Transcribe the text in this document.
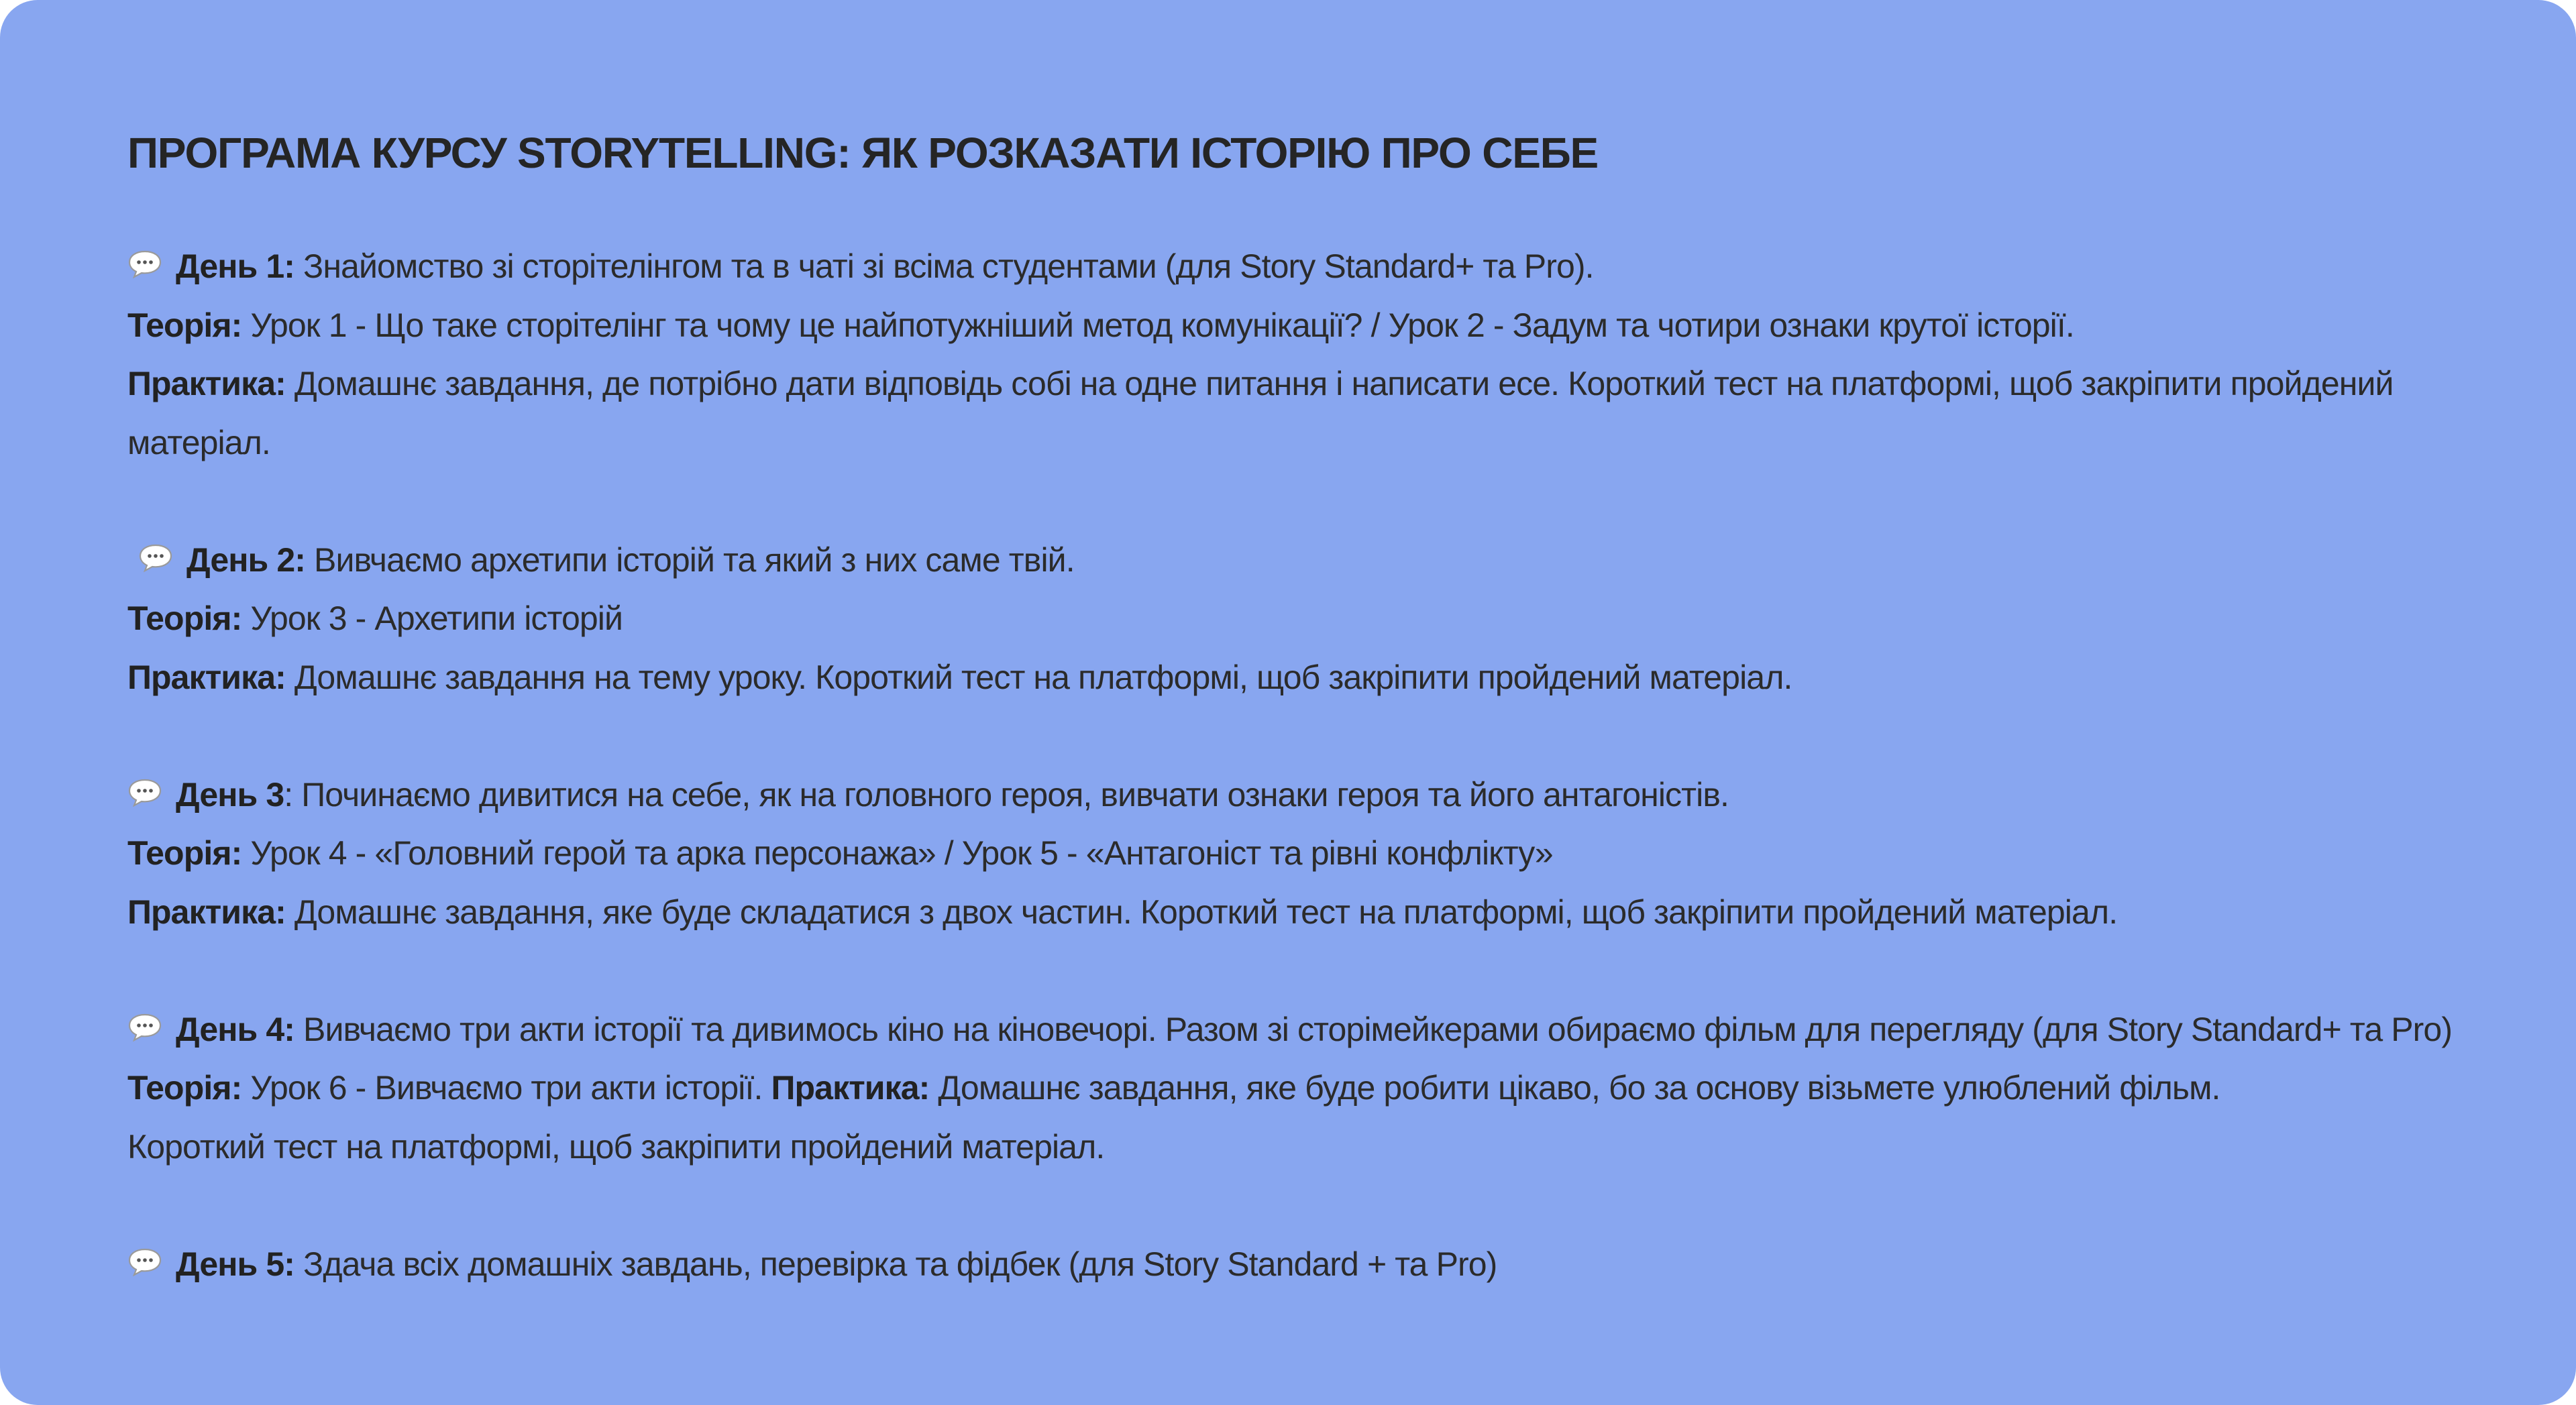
ПРОГРАМА КУРСУ STORYTELLING: ЯК РОЗКАЗАТИ ІСТОРІЮ ПРО СЕБЕ
День 1: Знайомство зі сторітелінгом та в чаті зі всіма студентами (для Story Standard+ та Pro).
Теорія: Урок 1 - Що таке сторітелінг та чому це найпотужніший метод комунікації? / Урок 2 - Задум та чотири ознаки крутої історії.
Практика: Домашнє завдання, де потрібно дати відповідь собі на одне питання і написати есе. Короткий тест на платформі, щоб закріпити пройдений
матеріал.
День 2: Вивчаємо архетипи історій та який з них саме твій.
Теорія: Урок 3 - Архетипи історій
Практика: Домашнє завдання на тему уроку. Короткий тест на платформі, щоб закріпити пройдений матеріал.
День 3: Починаємо дивитися на себе, як на головного героя, вивчати ознаки героя та його антагоністів.
Теорія: Урок 4 - «Головний герой та арка персонажа» / Урок 5 - «Антагоніст та рівні конфлікту»
Практика: Домашнє завдання, яке буде складатися з двох частин. Короткий тест на платформі, щоб закріпити пройдений матеріал.
День 4: Вивчаємо три акти історії та дивимось кіно на кіновечорі. Разом зі сторімейкерами обираємо фільм для перегляду (для Story Standard+ та Pro)
Теорія: Урок 6 - Вивчаємо три акти історії. Практика: Домашнє завдання, яке буде робити цікаво, бо за основу візьмете улюблений фільм.
Короткий тест на платформі, щоб закріпити пройдений матеріал.
День 5: Здача всіх домашніх завдань, перевірка та фідбек (для Story Standard + та Pro)
